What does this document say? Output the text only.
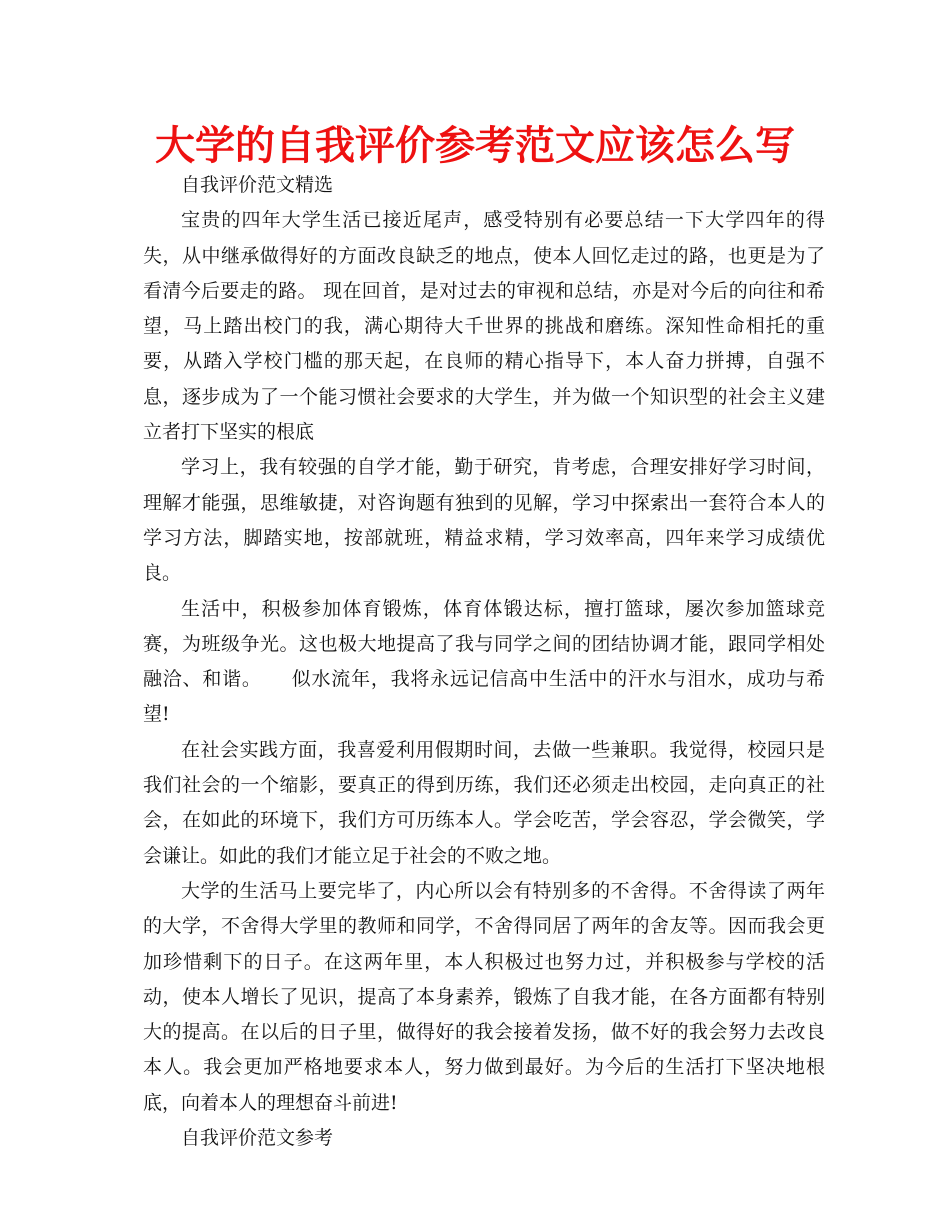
大学的自我评价参考范文应该怎么写

自我评价范文精选

宝贵的四年大学生活已接近尾声，感受特别有必要总结一下大学四年的得失，从中继承做得好的方面改良缺乏的地点，使本人回忆走过的路，也更是为了看清今后要走的路。 现在回首，是对过去的审视和总结，亦是对今后的向往和希望，马上踏出校门的我，满心期待大千世界的挑战和磨练。深知性命相托的重要，从踏入学校门槛的那天起，在良师的精心指导下，本人奋力拼搏，自强不息，逐步成为了一个能习惯社会要求的大学生，并为做一个知识型的社会主义建立者打下坚实的根底

学习上，我有较强的自学才能，勤于研究，肯考虑，合理安排好学习时间，理解才能强，思维敏捷，对咨询题有独到的见解，学习中探索出一套符合本人的学习方法，脚踏实地，按部就班，精益求精，学习效率高，四年来学习成绩优良。

生活中，积极参加体育锻炼，体育体锻达标，擅打篮球，屡次参加篮球竞赛，为班级争光。这也极大地提高了我与同学之间的团结协调才能，跟同学相处融洽、和谐。　　似水流年，我将永远记信高中生活中的汗水与泪水，成功与希望!

在社会实践方面，我喜爱利用假期时间，去做一些兼职。我觉得，校园只是我们社会的一个缩影，要真正的得到历练，我们还必须走出校园，走向真正的社会，在如此的环境下，我们方可历练本人。学会吃苦，学会容忍，学会微笑，学会谦让。如此的我们才能立足于社会的不败之地。

大学的生活马上要完毕了，内心所以会有特别多的不舍得。不舍得读了两年的大学，不舍得大学里的教师和同学，不舍得同居了两年的舍友等。因而我会更加珍惜剩下的日子。在这两年里，本人积极过也努力过，并积极参与学校的活动，使本人增长了见识，提高了本身素养，锻炼了自我才能，在各方面都有特别大的提高。在以后的日子里，做得好的我会接着发扬，做不好的我会努力去改良本人。我会更加严格地要求本人，努力做到最好。为今后的生活打下坚决地根底，向着本人的理想奋斗前进!

自我评价范文参考
